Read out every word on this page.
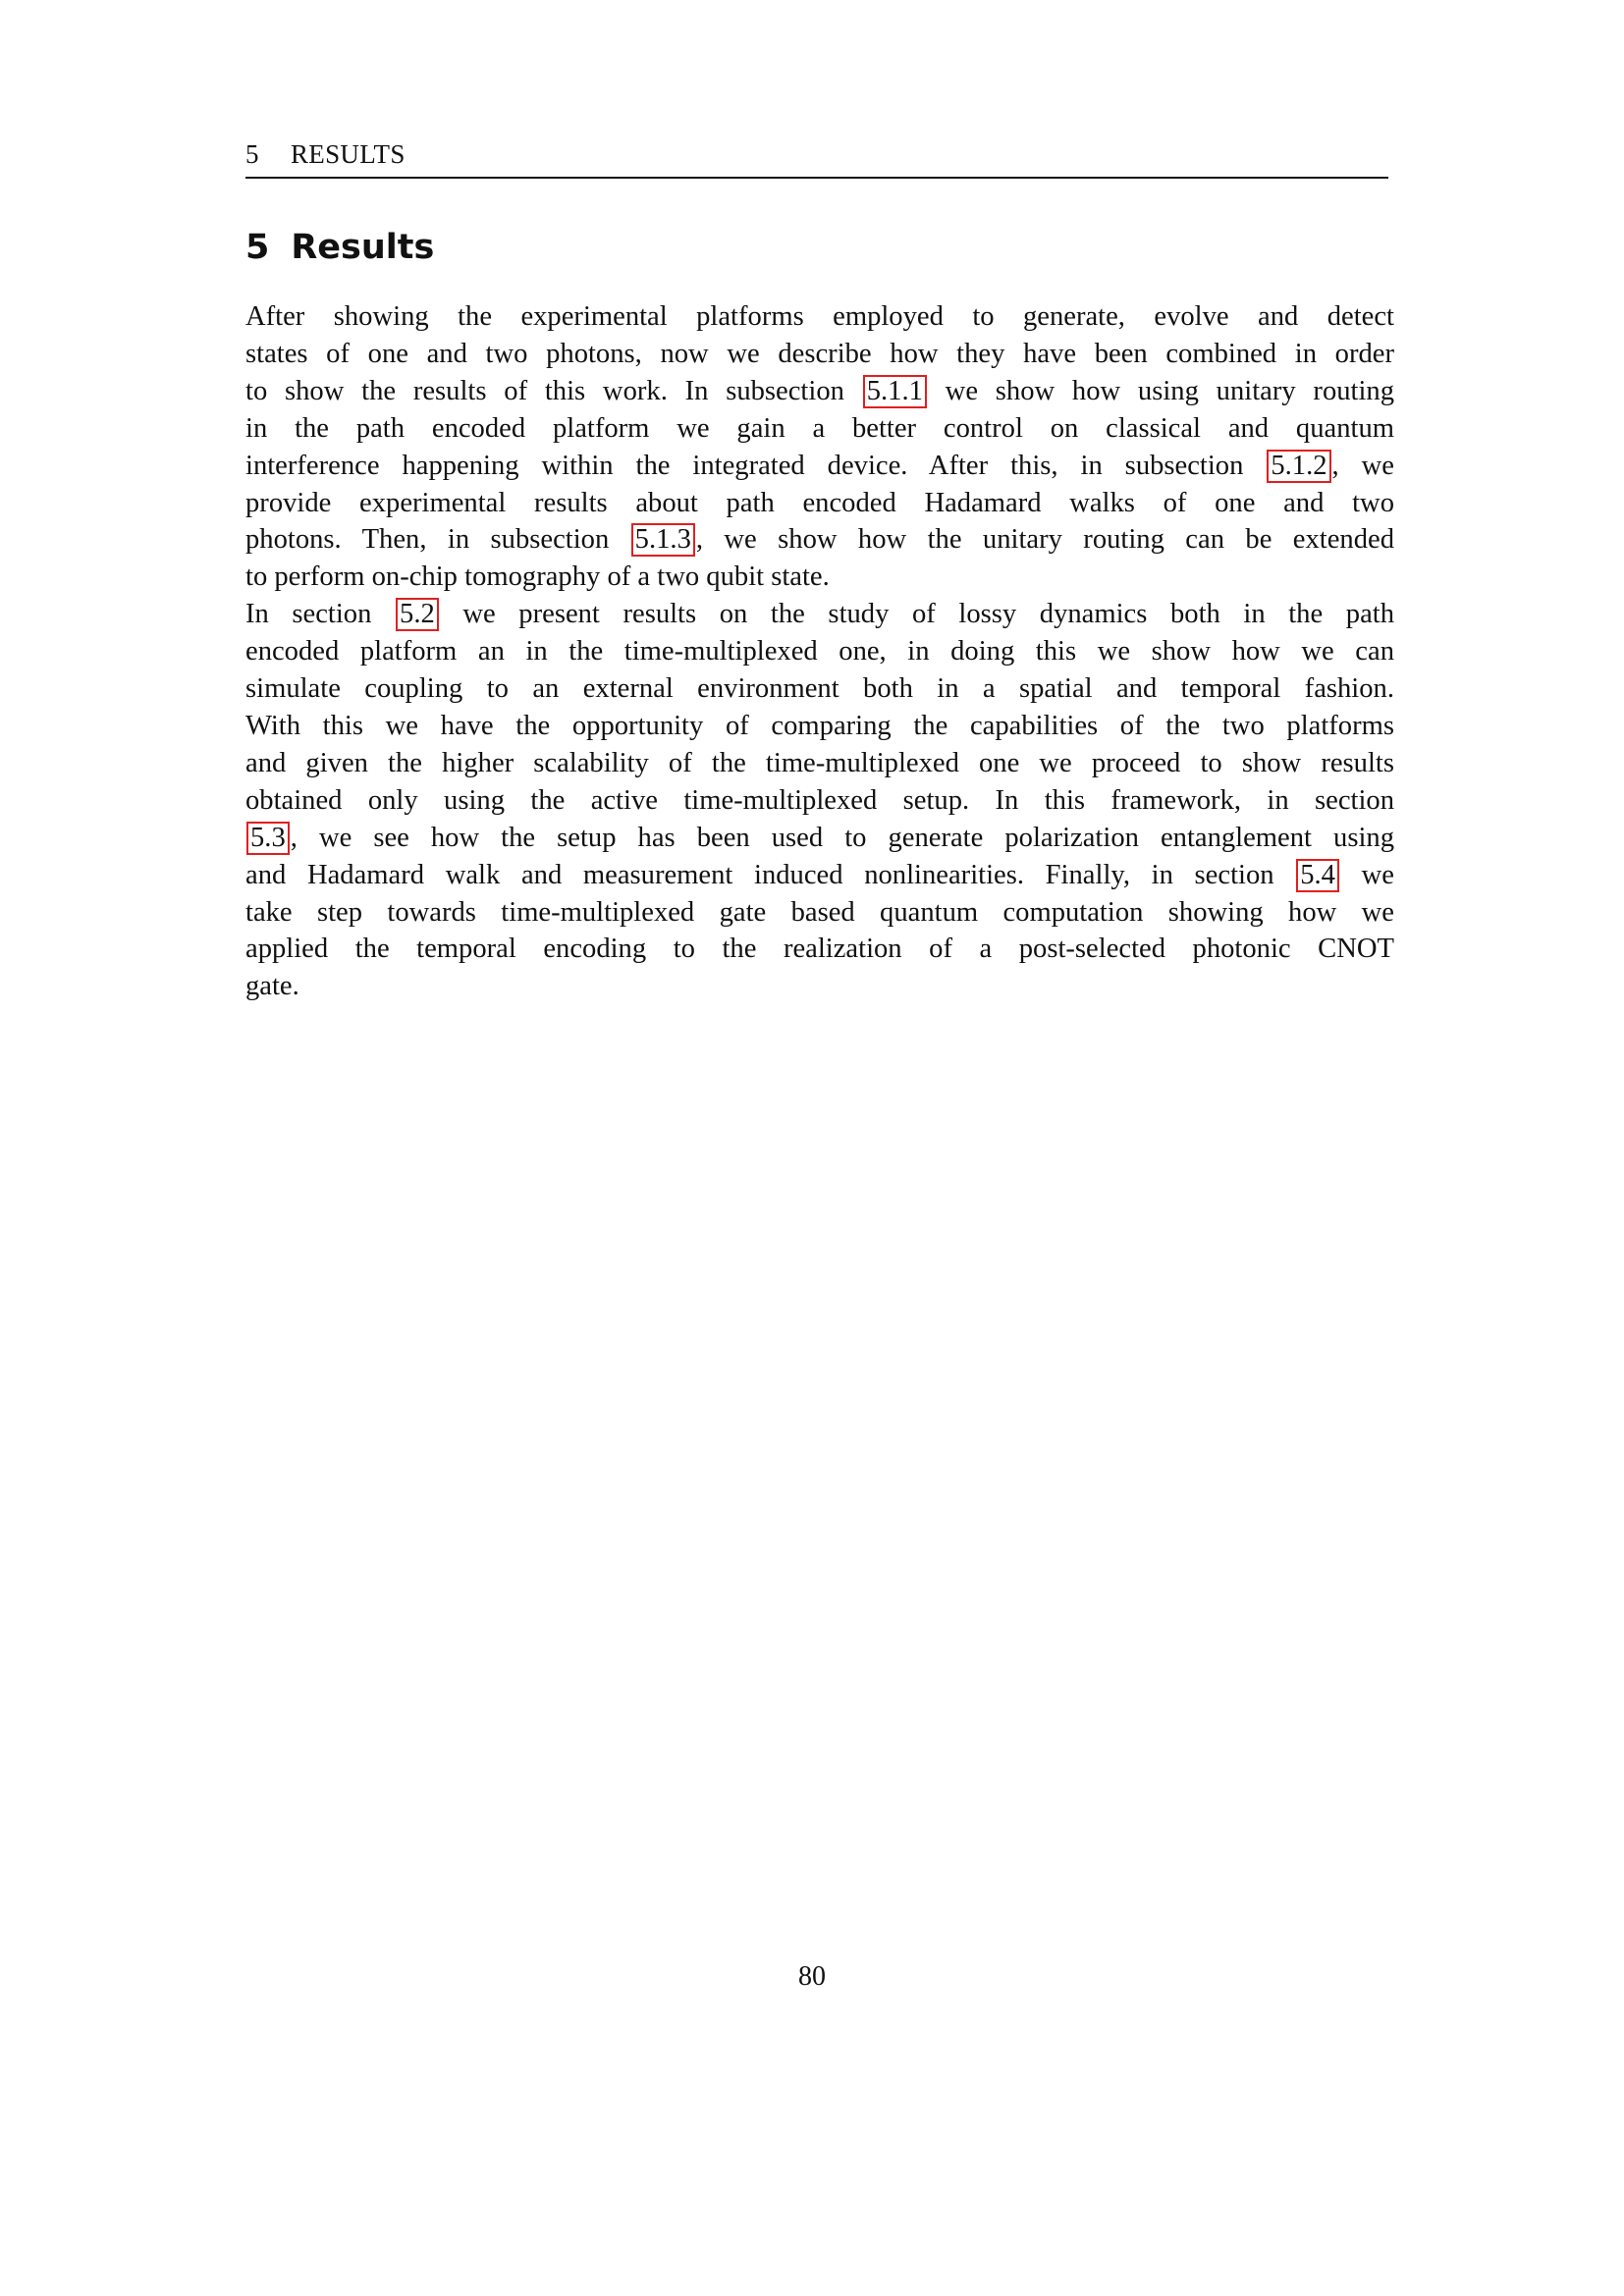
5 RESULTS
5 Results
After showing the experimental platforms employed to generate, evolve and detect
states of one and two photons, now we describe how they have been combined in order
to show the results of this work. In subsection 5.1.1 we show how using unitary routing
in the path encoded platform we gain a better control on classical and quantum
interference happening within the integrated device. After this, in subsection 5.1.2 , we
provide experimental results about path encoded Hadamard walks of one and two
photons. Then, in subsection 5.1.3 , we show how the unitary routing can be extended
to perform on-chip tomography of a two qubit state.
In section 5.2 we present results on the study of lossy dynamics both in the path
encoded platform an in the time-multiplexed one, in doing this we show how we can
simulate coupling to an external environment both in a spatial and temporal fashion.
With this we have the opportunity of comparing the capabilities of the two platforms
and given the higher scalability of the time-multiplexed one we proceed to show results
obtained only using the active time-multiplexed setup. In this framework, in section
5.3 , we see how the setup has been used to generate polarization entanglement using
and Hadamard walk and measurement induced nonlinearities. Finally, in section 5.4 we
take step towards time-multiplexed gate based quantum computation showing how we
applied the temporal encoding to the realization of a post-selected photonic CNOT
gate.
80
